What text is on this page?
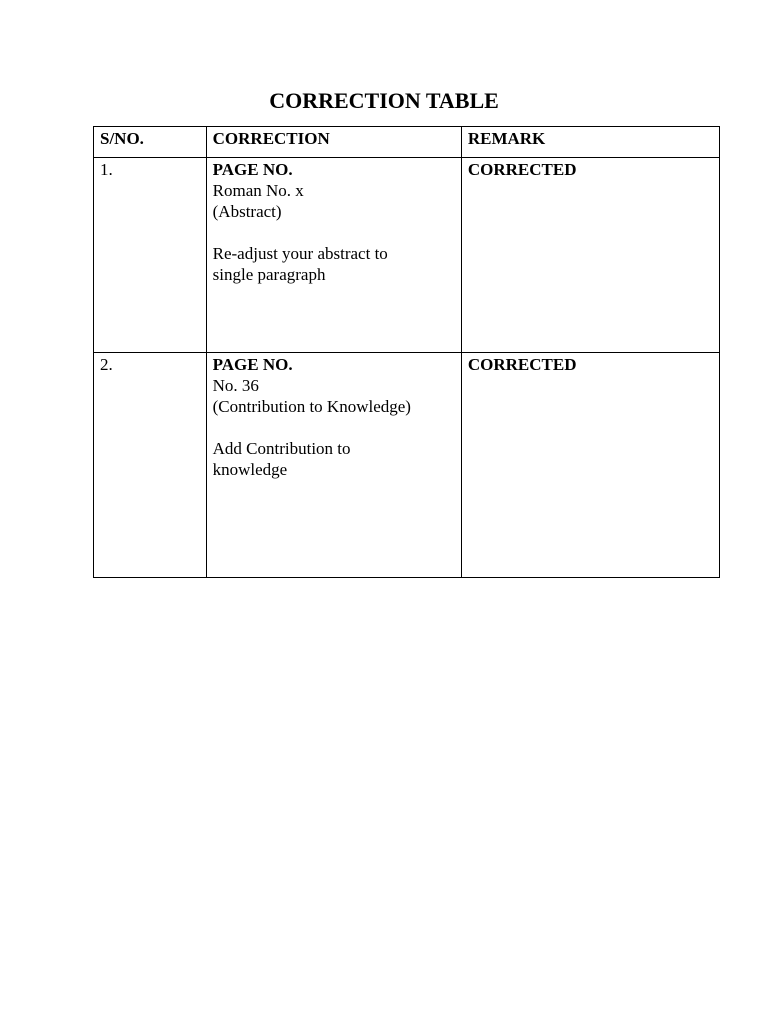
CORRECTION TABLE
S/NO.	CORRECTION	REMARK
1.	PAGE NO.
Roman No. x
(Abstract)
Re-adjust your abstract to
single paragraph	CORRECTED
2.	PAGE NO.
No. 36
(Contribution to Knowledge)
Add Contribution to
knowledge	CORRECTED
